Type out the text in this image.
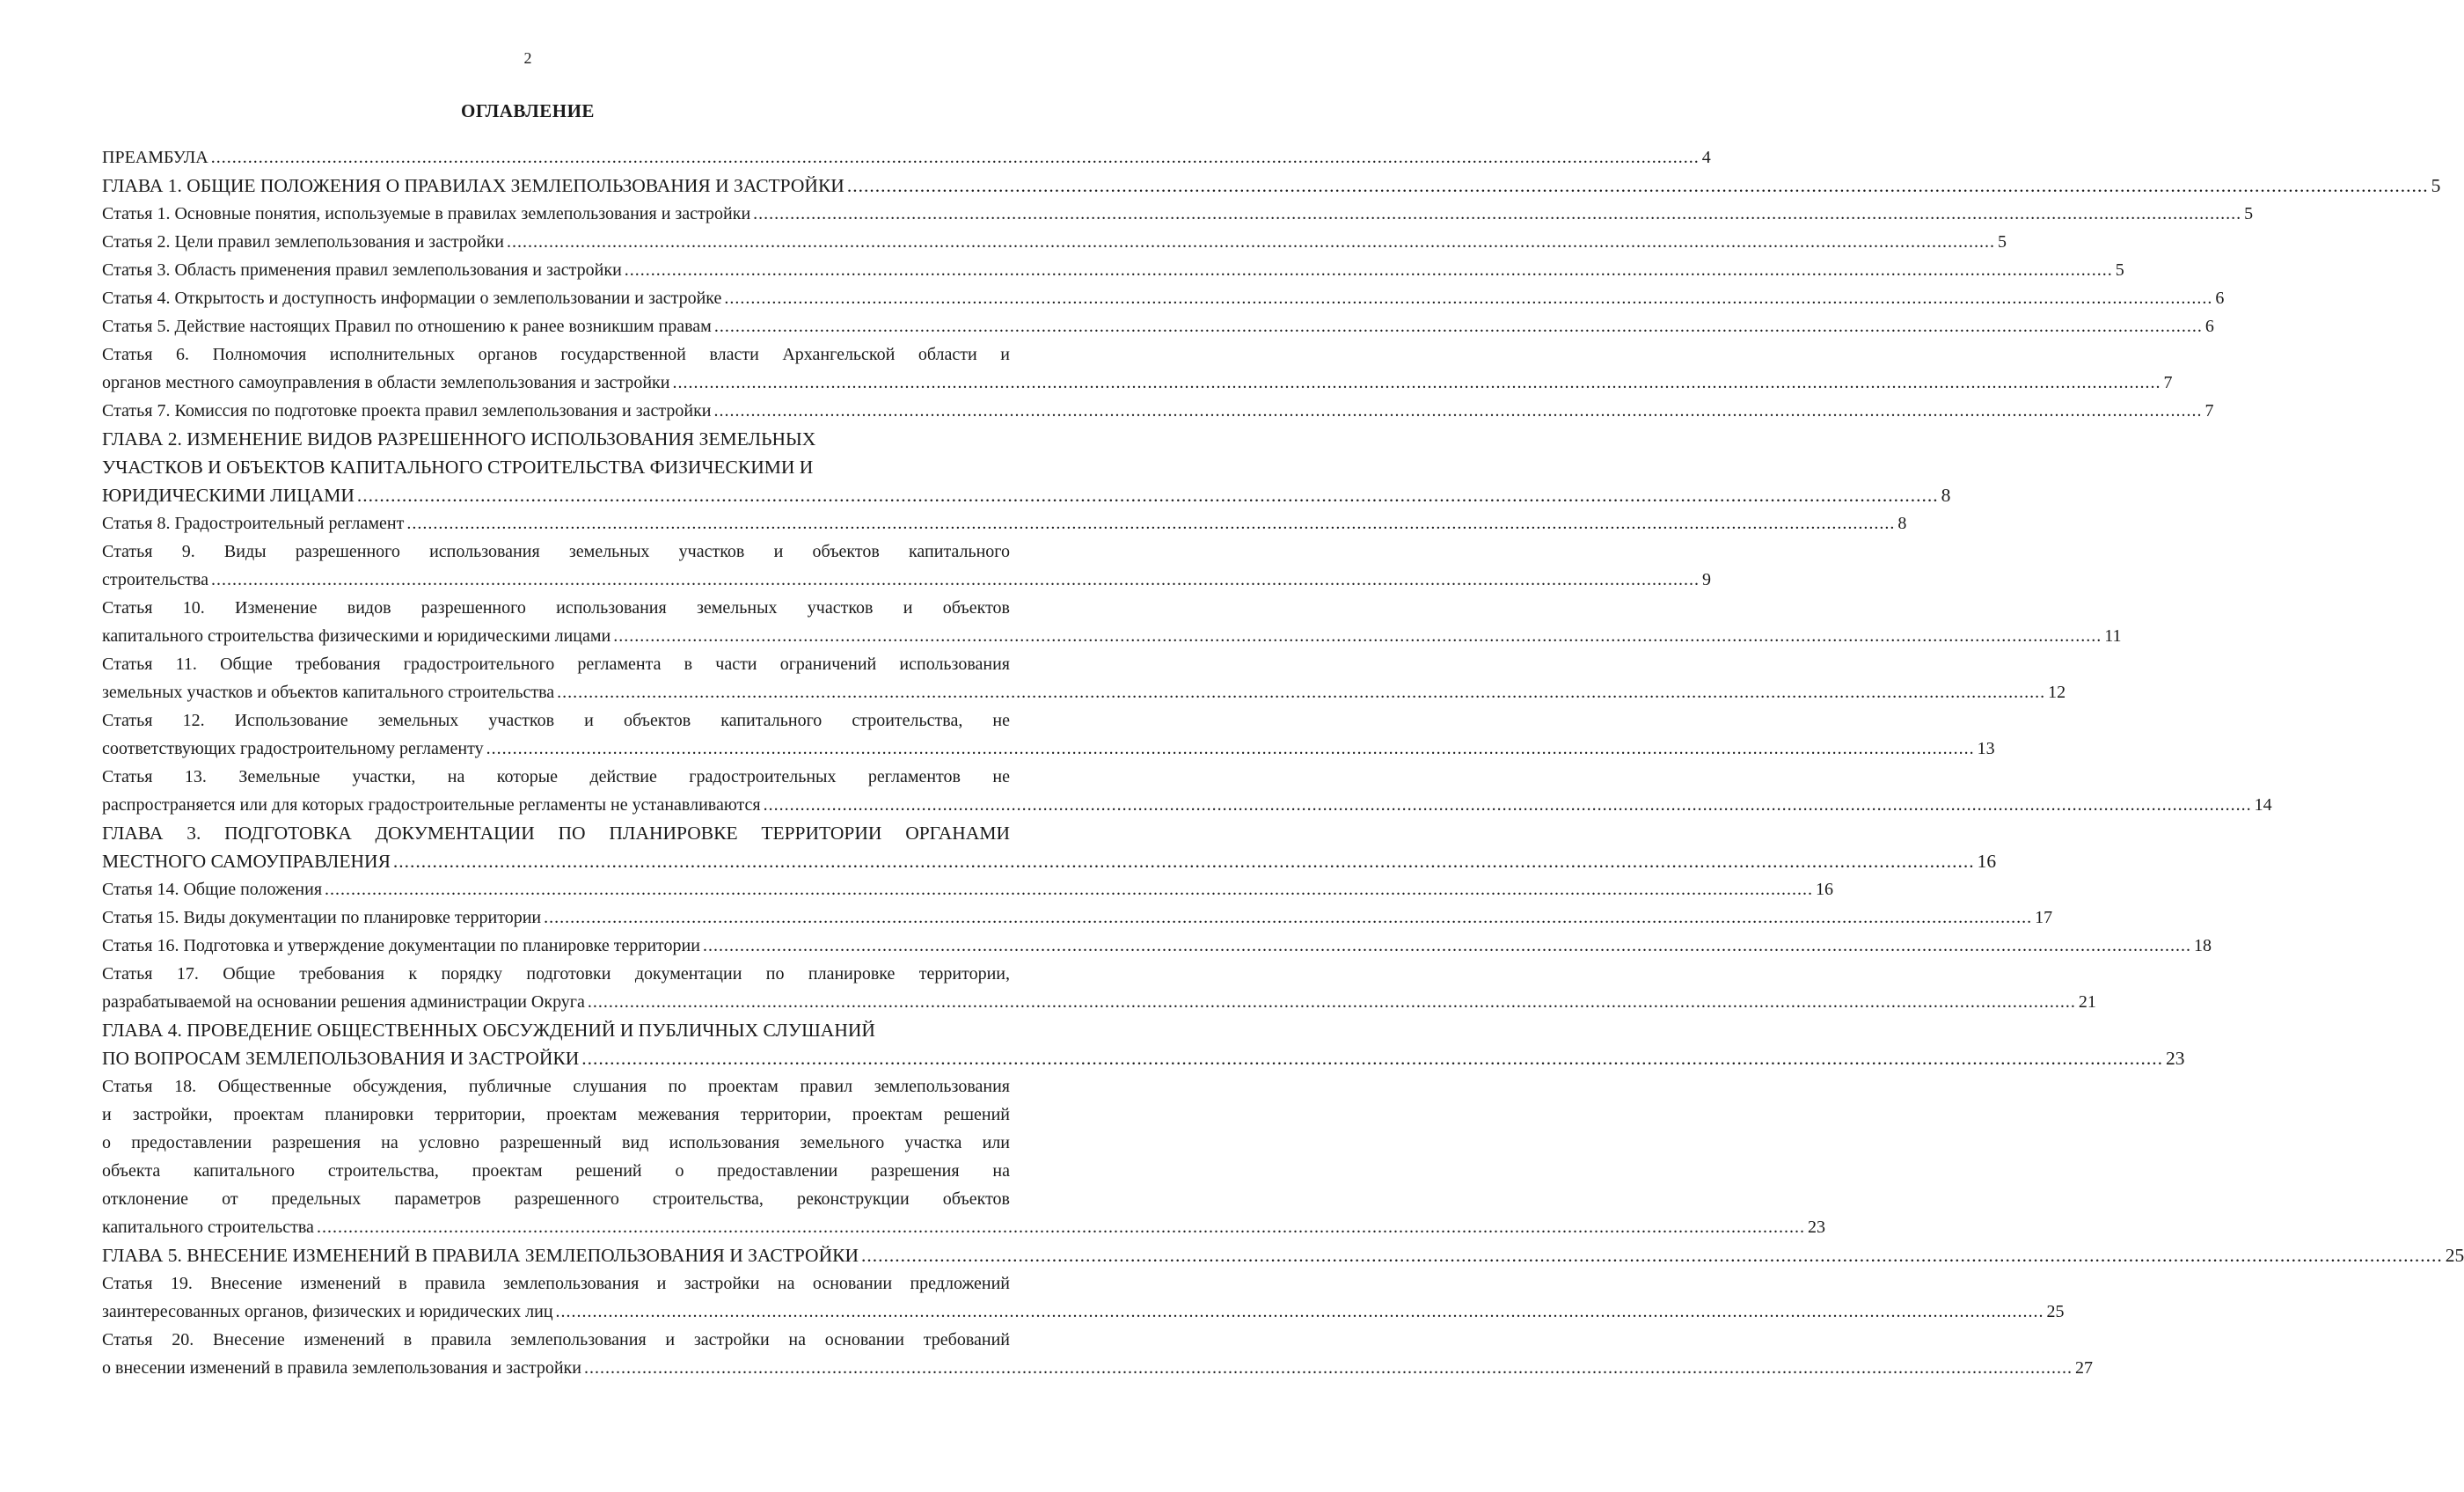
2
ОГЛАВЛЕНИЕ
ПРЕАМБУЛА .....	4
ГЛАВА 1. ОБЩИЕ ПОЛОЖЕНИЯ О ПРАВИЛАХ ЗЕМЛЕПОЛЬЗОВАНИЯ И ЗАСТРОЙКИ .....	5
Статья 1. Основные понятия, используемые в правилах землепользования и застройки .....	5
Статья 2. Цели правил землепользования и застройки .....	5
Статья 3. Область применения правил землепользования и застройки .....	5
Статья 4. Открытость и доступность информации о землепользовании и застройке .....	6
Статья 5. Действие настоящих Правил по отношению к ранее возникшим правам .....	6
Статья 6. Полномочия исполнительных органов государственной власти Архангельской области и
органов местного самоуправления в области землепользования и застройки .....	7
Статья 7. Комиссия по подготовке проекта правил землепользования и застройки .....	7
ГЛАВА 2. ИЗМЕНЕНИЕ ВИДОВ РАЗРЕШЕННОГО ИСПОЛЬЗОВАНИЯ ЗЕМЕЛЬНЫХ
УЧАСТКОВ И ОБЪЕКТОВ КАПИТАЛЬНОГО СТРОИТЕЛЬСТВА ФИЗИЧЕСКИМИ И
ЮРИДИЧЕСКИМИ ЛИЦАМИ .....	8
Статья 8. Градостроительный регламент .....	8
Статья 9. Виды разрешенного использования земельных участков и объектов капитального
строительства .....	9
Статья 10. Изменение видов разрешенного использования земельных участков и объектов
капитального строительства физическими и юридическими лицами .....	11
Статья 11. Общие требования градостроительного регламента в части ограничений использования
земельных участков и объектов капитального строительства .....	12
Статья 12. Использование земельных участков и объектов капитального строительства, не
соответствующих градостроительному регламенту .....	13
Статья 13. Земельные участки, на которые действие градостроительных регламентов не
распространяется или для которых градостроительные регламенты не устанавливаются .....	14
ГЛАВА 3. ПОДГОТОВКА ДОКУМЕНТАЦИИ ПО ПЛАНИРОВКЕ ТЕРРИТОРИИ ОРГАНАМИ
МЕСТНОГО САМОУПРАВЛЕНИЯ .....	16
Статья 14. Общие положения .....	16
Статья 15. Виды документации по планировке территории .....	17
Статья 16. Подготовка и утверждение документации по планировке территории .....	18
Статья 17. Общие требования к порядку подготовки документации по планировке территории,
разрабатываемой на основании решения администрации Округа .....	21
ГЛАВА 4. ПРОВЕДЕНИЕ ОБЩЕСТВЕННЫХ ОБСУЖДЕНИЙ И ПУБЛИЧНЫХ СЛУШАНИЙ
ПО ВОПРОСАМ ЗЕМЛЕПОЛЬЗОВАНИЯ И ЗАСТРОЙКИ .....	23
Статья 18. Общественные обсуждения, публичные слушания по проектам правил землепользования
и застройки, проектам планировки территории, проектам межевания территории, проектам решений
о предоставлении разрешения на условно разрешенный вид использования земельного участка или
объекта капитального строительства, проектам решений о предоставлении разрешения на
отклонение от предельных параметров разрешенного строительства, реконструкции объектов
капитального строительства .....	23
ГЛАВА 5. ВНЕСЕНИЕ ИЗМЕНЕНИЙ В ПРАВИЛА ЗЕМЛЕПОЛЬЗОВАНИЯ И ЗАСТРОЙКИ .....	25
Статья 19. Внесение изменений в правила землепользования и застройки на основании предложений
заинтересованных органов, физических и юридических лиц .....	25
Статья 20. Внесение изменений в правила землепользования и застройки на основании требований
о внесении изменений в правила землепользования и застройки .....	27
